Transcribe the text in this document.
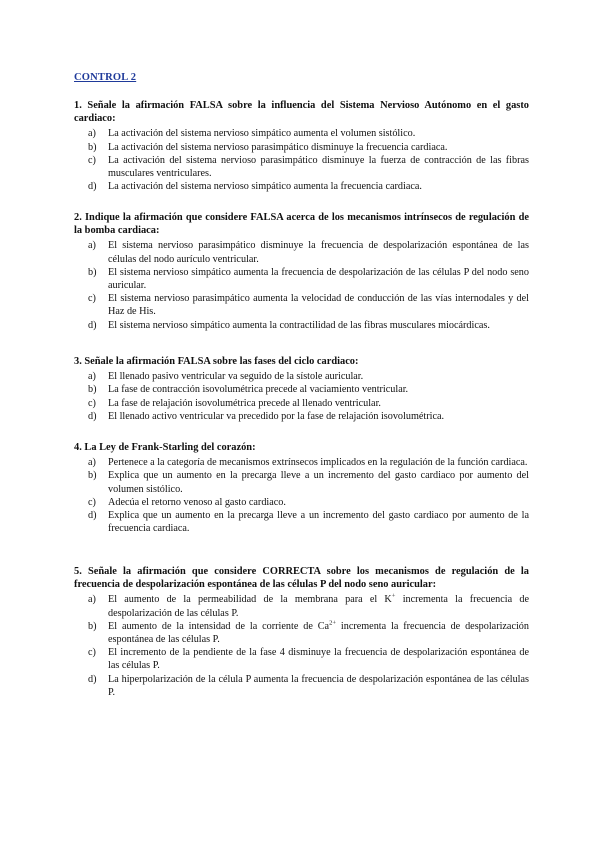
CONTROL 2

1. Señale la afirmación FALSA sobre la influencia del Sistema Nervioso Autónomo en el gasto cardiaco:

a) La activación del sistema nervioso simpático aumenta el volumen sistólico.
b) La activación del sistema nervioso parasimpático disminuye la frecuencia cardiaca.
c) La activación del sistema nervioso parasimpático disminuye la fuerza de contracción de las fibras musculares ventriculares.
d) La activación del sistema nervioso simpático aumenta la frecuencia cardiaca.

2. Indique la afirmación que considere FALSA acerca de los mecanismos intrínsecos de regulación de la bomba cardiaca:

a) El sistema nervioso parasimpático disminuye la frecuencia de despolarización espontánea de las células del nodo aurículo ventricular.
b) El sistema nervioso simpático aumenta la frecuencia de despolarización de las células P del nodo seno auricular.
c) El sistema nervioso parasimpático aumenta la velocidad de conducción de las vías internodales y del Haz de His.
d) El sistema nervioso simpático aumenta la contractilidad de las fibras musculares miocárdicas.

3. Señale la afirmación FALSA sobre las fases del ciclo cardiaco:

a) El llenado pasivo ventricular va seguido de la sístole auricular.
b) La fase de contracción isovolumétrica precede al vaciamiento ventricular.
c) La fase de relajación isovolumétrica precede al llenado ventricular.
d) El llenado activo ventricular va precedido por la fase de relajación isovolumétrica.

4. La Ley de Frank-Starling del corazón:

a) Pertenece a la categoría de mecanismos extrínsecos implicados en la regulación de la función cardiaca.
b) Explica que un aumento en la precarga lleve a un incremento del gasto cardiaco por aumento del volumen sistólico.
c) Adecúa el retorno venoso al gasto cardiaco.
d) Explica que un aumento en la precarga lleve a un incremento del gasto cardiaco por aumento de la frecuencia cardiaca.

5. Señale la afirmación que considere CORRECTA sobre los mecanismos de regulación de la frecuencia de despolarización espontánea de las células P del nodo seno auricular:

a) El aumento de la permeabilidad de la membrana para el K+ incrementa la frecuencia de despolarización de las células P.
b) El aumento de la intensidad de la corriente de $Ca^{2+}$ incrementa la frecuencia de despolarización espontánea de las células P.
c) El incremento de la pendiente de la fase 4 disminuye la frecuencia de despolarización espontánea de las células P.
d) La hiperpolarización de la célula P aumenta la frecuencia de despolarización espontánea de las células P.
